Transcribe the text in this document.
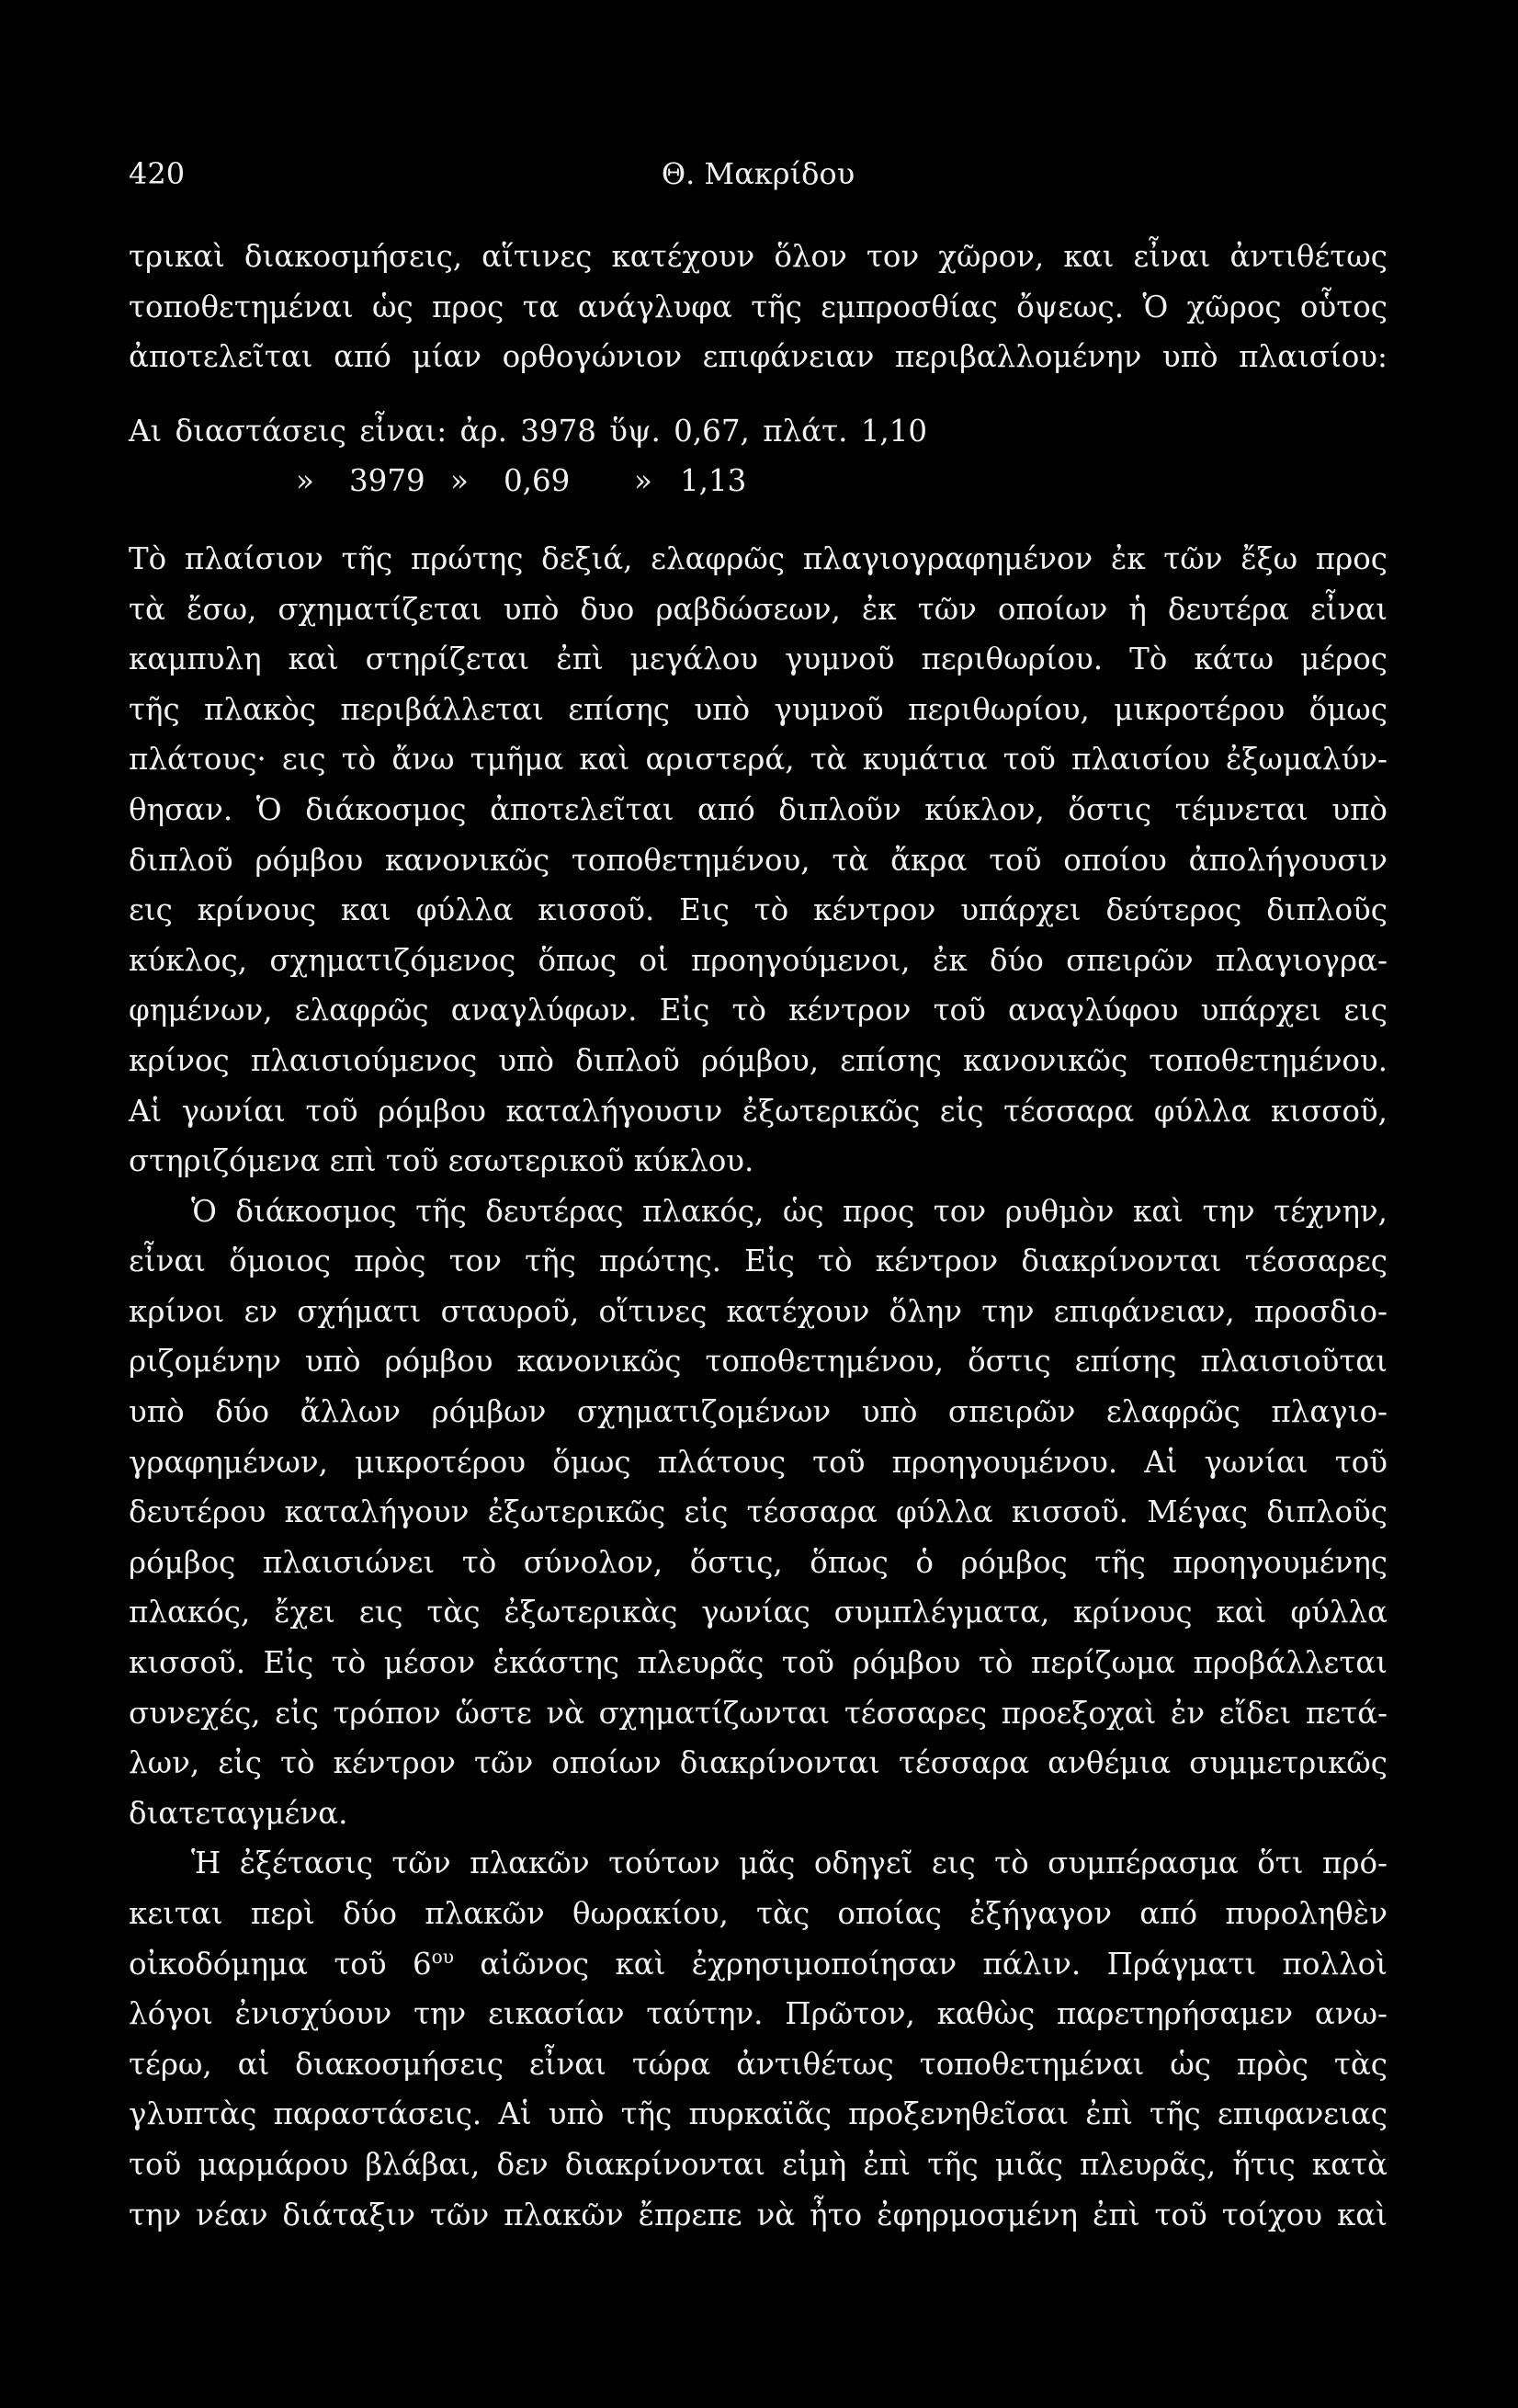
420	Θ. Μακρίδου
τρικαὶ διακοσμήσεις, αἵτινες κατέχουν ὅλον τον χῶρον, και εἶναι ἀντιθέτως
τοποθετημέναι ὡς προς τα ανάγλυφα τῆς εμπροσθίας ὄψεως. Ὁ χῶρος οὗτος
ἀποτελεῖται από μίαν ορθογώνιον επιφάνειαν περιβαλλομένην υπὸ πλαισίου:
Αι διαστάσεις εἶναι: ἀρ. 3978 ὕψ. 0,67, πλάτ. 1,10
» 3979 » 0,69 » 1,13
Τὸ πλαίσιον τῆς πρώτης δεξιά, ελαφρῶς πλαγιογραφημένον ἐκ τῶν ἔξω προς
τὰ ἔσω, σχηματίζεται υπὸ δυο ραβδώσεων, ἐκ τῶν οποίων ἡ δευτέρα εἶναι
καμπυλη καὶ στηρίζεται ἐπὶ μεγάλου γυμνοῦ περιθωρίου. Τὸ κάτω μέρος
τῆς πλακὸς περιβάλλεται επίσης υπὸ γυμνοῦ περιθωρίου, μικροτέρου ὅμως
πλάτους· εις τὸ ἄνω τμῆμα καὶ αριστερά, τὰ κυμάτια τοῦ πλαισίου ἐξωμαλύν-
θησαν. Ὁ διάκοσμος ἀποτελεῖται από διπλοῦν κύκλον, ὅστις τέμνεται υπὸ
διπλοῦ ρόμβου κανονικῶς τοποθετημένου, τὰ ἄκρα τοῦ οποίου ἀπολήγουσιν
εις κρίνους και φύλλα κισσοῦ. Εις τὸ κέντρον υπάρχει δεύτερος διπλοῦς
κύκλος, σχηματιζόμενος ὅπως οἱ προηγούμενοι, ἐκ δύο σπειρῶν πλαγιογρα-
φημένων, ελαφρῶς αναγλύφων. Εἰς τὸ κέντρον τοῦ αναγλύφου υπάρχει εις
κρίνος πλαισιούμενος υπὸ διπλοῦ ρόμβου, επίσης κανονικῶς τοποθετημένου.
Αἱ γωνίαι τοῦ ρόμβου καταλήγουσιν ἐξωτερικῶς εἰς τέσσαρα φύλλα κισσοῦ,
στηριζόμενα επὶ τοῦ εσωτερικοῦ κύκλου.
Ὁ διάκοσμος τῆς δευτέρας πλακός, ὡς προς τον ρυθμὸν καὶ την τέχνην,
εἶναι ὅμοιος πρὸς τον τῆς πρώτης. Εἰς τὸ κέντρον διακρίνονται τέσσαρες
κρίνοι εν σχήματι σταυροῦ, οἵτινες κατέχουν ὅλην την επιφάνειαν, προσδιο-
ριζομένην υπὸ ρόμβου κανονικῶς τοποθετημένου, ὅστις επίσης πλαισιοῦται
υπὸ δύο ἄλλων ρόμβων σχηματιζομένων υπὸ σπειρῶν ελαφρῶς πλαγιο-
γραφημένων, μικροτέρου ὅμως πλάτους τοῦ προηγουμένου. Αἱ γωνίαι τοῦ
δευτέρου καταλήγουν ἐξωτερικῶς εἰς τέσσαρα φύλλα κισσοῦ. Μέγας διπλοῦς
ρόμβος πλαισιώνει τὸ σύνολον, ὅστις, ὅπως ὁ ρόμβος τῆς προηγουμένης
πλακός, ἔχει εις τὰς ἐξωτερικὰς γωνίας συμπλέγματα, κρίνους καὶ φύλλα
κισσοῦ. Εἰς τὸ μέσον ἑκάστης πλευρᾶς τοῦ ρόμβου τὸ περίζωμα προβάλλεται
συνεχές, εἰς τρόπον ὥστε νὰ σχηματίζωνται τέσσαρες προεξοχαὶ ἐν εἴδει πετά-
λων, εἰς τὸ κέντρον τῶν οποίων διακρίνονται τέσσαρα ανθέμια συμμετρικῶς
διατεταγμένα.
Ἡ ἐξέτασις τῶν πλακῶν τούτων μᾶς οδηγεῖ εις τὸ συμπέρασμα ὅτι πρό-
κειται περὶ δύο πλακῶν θωρακίου, τὰς οποίας ἐξήγαγον από πυροληθὲν
οἰκοδόμημα τοῦ $6^{o\upsilon}$ αἰῶνος καὶ ἐχρησιμοποίησαν πάλιν. Πράγματι πολλοὶ
λόγοι ἐνισχύουν την εικασίαν ταύτην. Πρῶτον, καθὼς παρετηρήσαμεν ανω-
τέρω, αἱ διακοσμήσεις εἶναι τώρα ἀντιθέτως τοποθετημέναι ὡς πρὸς τὰς
γλυπτὰς παραστάσεις. Αἱ υπὸ τῆς πυρκαϊᾶς προξενηθεῖσαι ἐπὶ τῆς επιφανειας
τοῦ μαρμάρου βλάβαι, δεν διακρίνονται εἰμὴ ἐπὶ τῆς μιᾶς πλευρᾶς, ἥτις κατὰ
την νέαν διάταξιν τῶν πλακῶν ἔπρεπε νὰ ἦτο ἐφηρμοσμένη ἐπὶ τοῦ τοίχου καὶ
